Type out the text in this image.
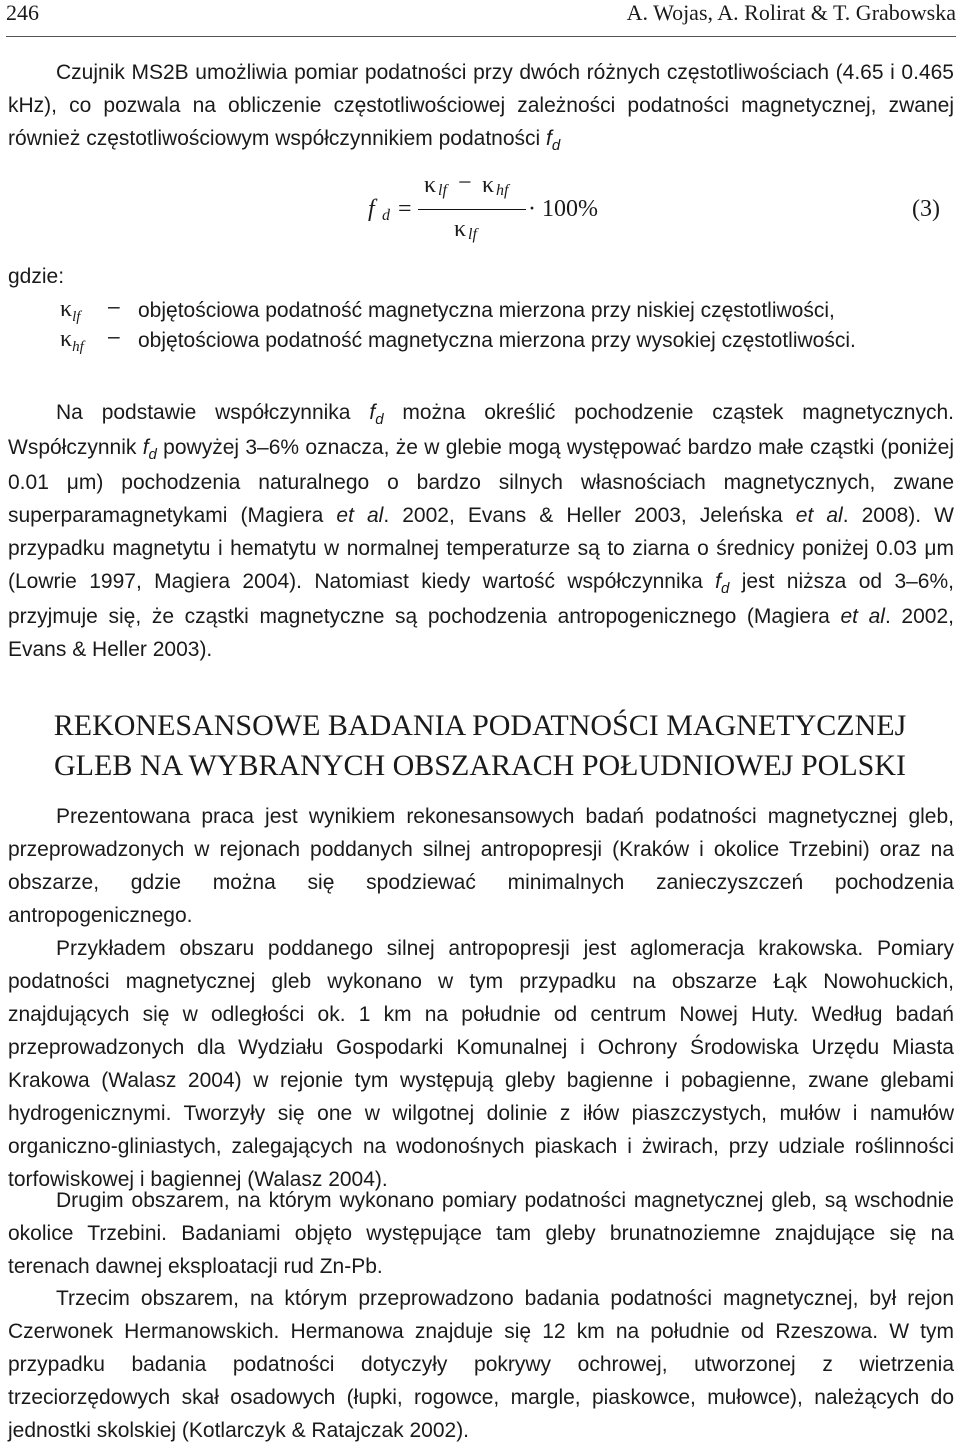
246	A. Wojas, A. Rolirat & T. Grabowska
Czujnik MS2B umożliwia pomiar podatności przy dwóch różnych częstotliwościach (4.65 i 0.465 kHz), co pozwala na obliczenie częstotliwościowej zależności podatności magnetycznej, zwanej również częstotliwościowym współczynnikiem podatności $f_d$
f d =
κ lf − κ hf
κ lf
· 100%	(3)
gdzie:
$\kappa_{lf}$ – objętościowa podatność magnetyczna mierzona przy niskiej częstotliwości,
$\kappa_{hf}$ – objętościowa podatność magnetyczna mierzona przy wysokiej częstotliwości.
Na podstawie współczynnika $f_d$ można określić pochodzenie cząstek magnetycznych. Współczynnik $f_d$ powyżej 3–6% oznacza, że w glebie mogą występować bardzo małe cząstki (poniżej 0.01 μm) pochodzenia naturalnego o bardzo silnych własnościach magnetycznych, zwane superparamagnetykami (Magiera et al. 2002, Evans & Heller 2003, Jeleńska et al. 2008). W przypadku magnetytu i hematytu w normalnej temperaturze są to ziarna o średnicy poniżej 0.03 μm (Lowrie 1997, Magiera 2004). Natomiast kiedy wartość współczynnika $f_d$ jest niższa od 3–6%, przyjmuje się, że cząstki magnetyczne są pochodzenia antropogenicznego (Magiera et al. 2002, Evans & Heller 2003).
REKONESANSOWE BADANIA PODATNOŚCI MAGNETYCZNEJ
GLEB NA WYBRANYCH OBSZARACH POŁUDNIOWEJ POLSKI
Prezentowana praca jest wynikiem rekonesansowych badań podatności magnetycznej gleb, przeprowadzonych w rejonach poddanych silnej antropopresji (Kraków i okolice Trzebini) oraz na obszarze, gdzie można się spodziewać minimalnych zanieczyszczeń pochodzenia antropogenicznego.
Przykładem obszaru poddanego silnej antropopresji jest aglomeracja krakowska. Pomiary podatności magnetycznej gleb wykonano w tym przypadku na obszarze Łąk Nowohuckich, znajdujących się w odległości ok. 1 km na południe od centrum Nowej Huty. Według badań przeprowadzonych dla Wydziału Gospodarki Komunalnej i Ochrony Środowiska Urzędu Miasta Krakowa (Walasz 2004) w rejonie tym występują gleby bagienne i pobagienne, zwane glebami hydrogenicznymi. Tworzyły się one w wilgotnej dolinie z iłów piaszczystych, mułów i namułów organiczno-gliniastych, zalegających na wodonośnych piaskach i żwirach, przy udziale roślinności torfowiskowej i bagiennej (Walasz 2004).
Drugim obszarem, na którym wykonano pomiary podatności magnetycznej gleb, są wschodnie okolice Trzebini. Badaniami objęto występujące tam gleby brunatnoziemne znajdujące się na terenach dawnej eksploatacji rud Zn-Pb.
Trzecim obszarem, na którym przeprowadzono badania podatności magnetycznej, był rejon Czerwonek Hermanowskich. Hermanowa znajduje się 12 km na południe od Rzeszowa. W tym przypadku badania podatności dotyczyły pokrywy ochrowej, utworzonej z wietrzenia trzeciorzędowych skał osadowych (łupki, rogowce, margle, piaskowce, mułowce), należących do jednostki skolskiej (Kotlarczyk & Ratajczak 2002).
